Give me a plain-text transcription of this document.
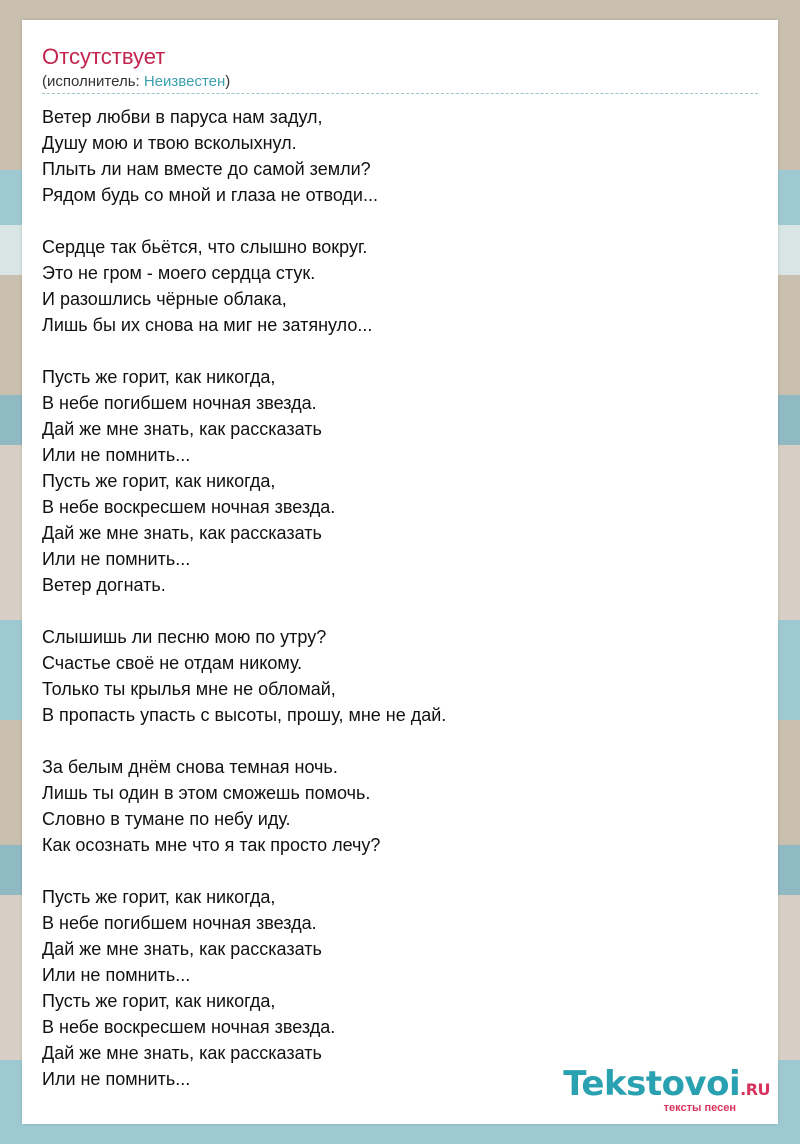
Отсутствует
(исполнитель: Неизвестен)
Ветер любви в паруса нам задул,
Душу мою и твою всколыхнул.
Плыть ли нам вместе до самой земли?
Рядом будь со мной и глаза не отводи...
Сердце так бьётся, что слышно вокруг.
Это не гром - моего сердца стук.
И разошлись чёрные облака,
Лишь бы их снова на миг не затянуло...
Пусть же горит, как никогда,
В небе погибшем ночная звезда.
Дай же мне знать, как рассказать
Или не помнить...
Пусть же горит, как никогда,
В небе воскресшем ночная звезда.
Дай же мне знать, как рассказать
Или не помнить...
Ветер догнать.
Слышишь ли песню мою по утру?
Счастье своё не отдам никому.
Только ты крылья мне не обломай,
В пропасть упасть с высоты, прошу, мне не дай.
За белым днём снова темная ночь.
Лишь ты один в этом сможешь помочь.
Словно в тумане по небу иду.
Как осознать мне что я так просто лечу?
Пусть же горит, как никогда,
В небе погибшем ночная звезда.
Дай же мне знать, как рассказать
Или не помнить...
Пусть же горит, как никогда,
В небе воскресшем ночная звезда.
Дай же мне знать, как рассказать
Или не помнить...	Tekstovoi.RU
тексты песен
